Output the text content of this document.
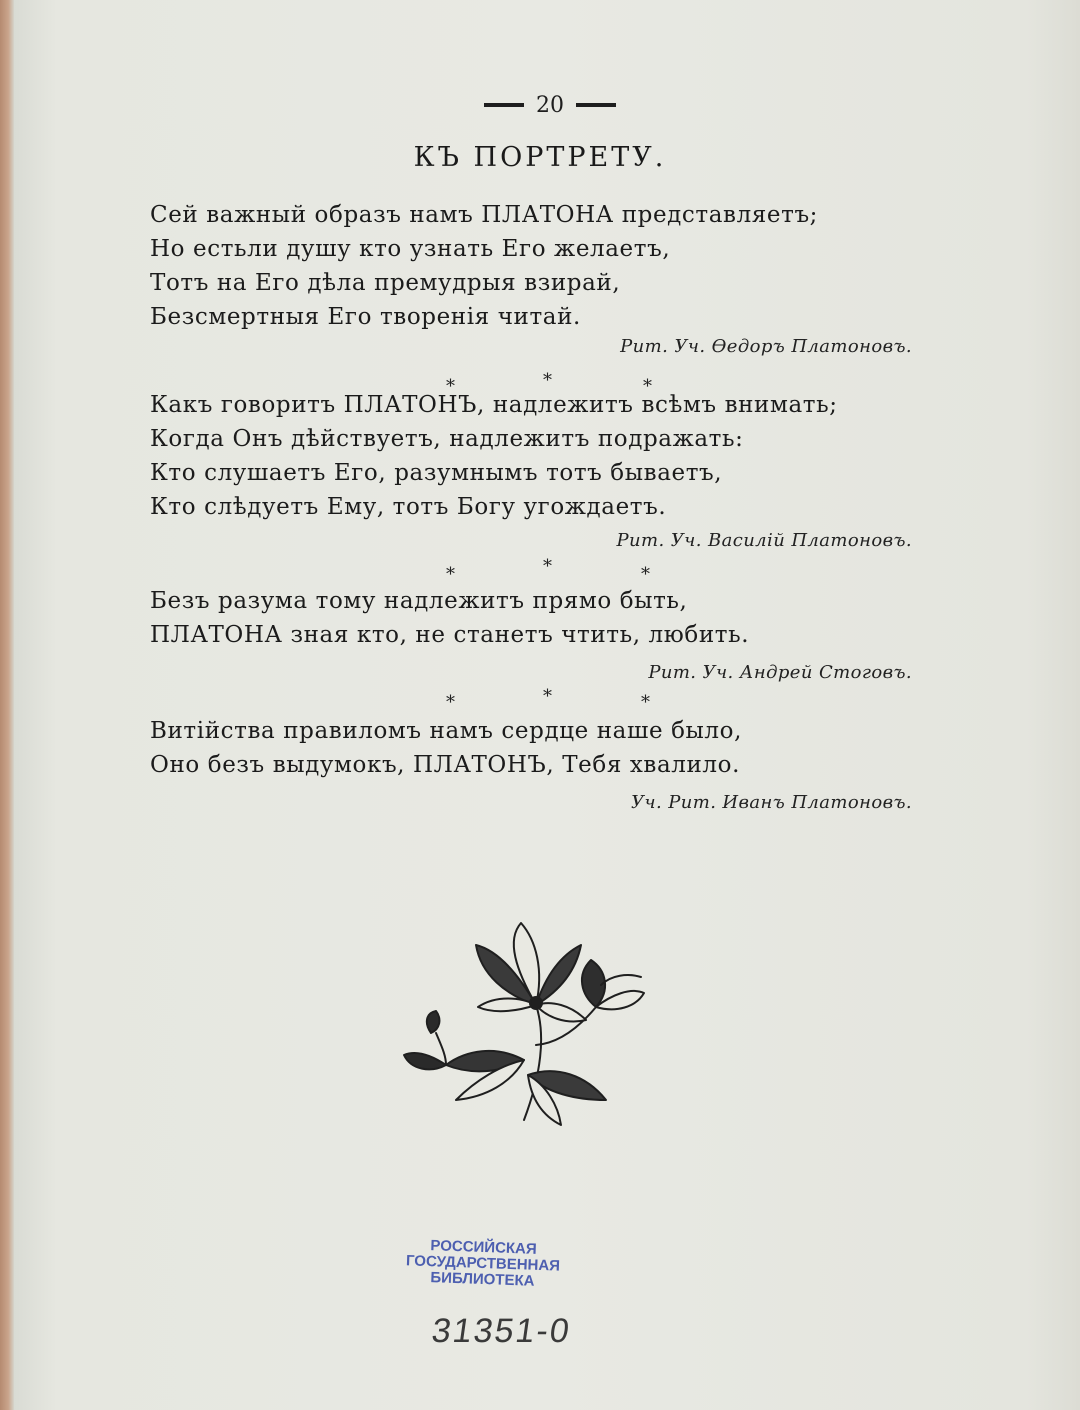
20
КЪ ПОРТРЕТУ.
Сей важный образъ намъ ПЛАТОНА представляетъ;
Но естьли душу кто узнать Его желаетъ,
Тотъ на Его дѣла премудрыя взирай,
Безсмертныя Его творенія читай.
Рит. Уч. Ѳедоръ Платоновъ.
*	*	*
Какъ говоритъ ПЛАТОНЪ, надлежитъ всѣмъ внимать;
Когда Онъ дѣйствуетъ, надлежитъ подражать:
Кто слушаетъ Его, разумнымъ тотъ бываетъ,
Кто слѣдуетъ Ему, тотъ Богу угождаетъ.
Рит. Уч. Василій Платоновъ.
*	*	*
Безъ разума тому надлежитъ прямо быть,
ПЛАТОНА зная кто, не станетъ чтить, любить.
Рит. Уч. Андрей Стоговъ.
*	*	*
Витійства правиломъ намъ сердце наше было,
Оно безъ выдумокъ, ПЛАТОНЪ, Тебя хвалило.
Уч. Рит. Иванъ Платоновъ.
РОССИЙСКАЯ
ГОСУДАРСТВЕННАЯ
БИБЛИОТЕКА
31351-0
